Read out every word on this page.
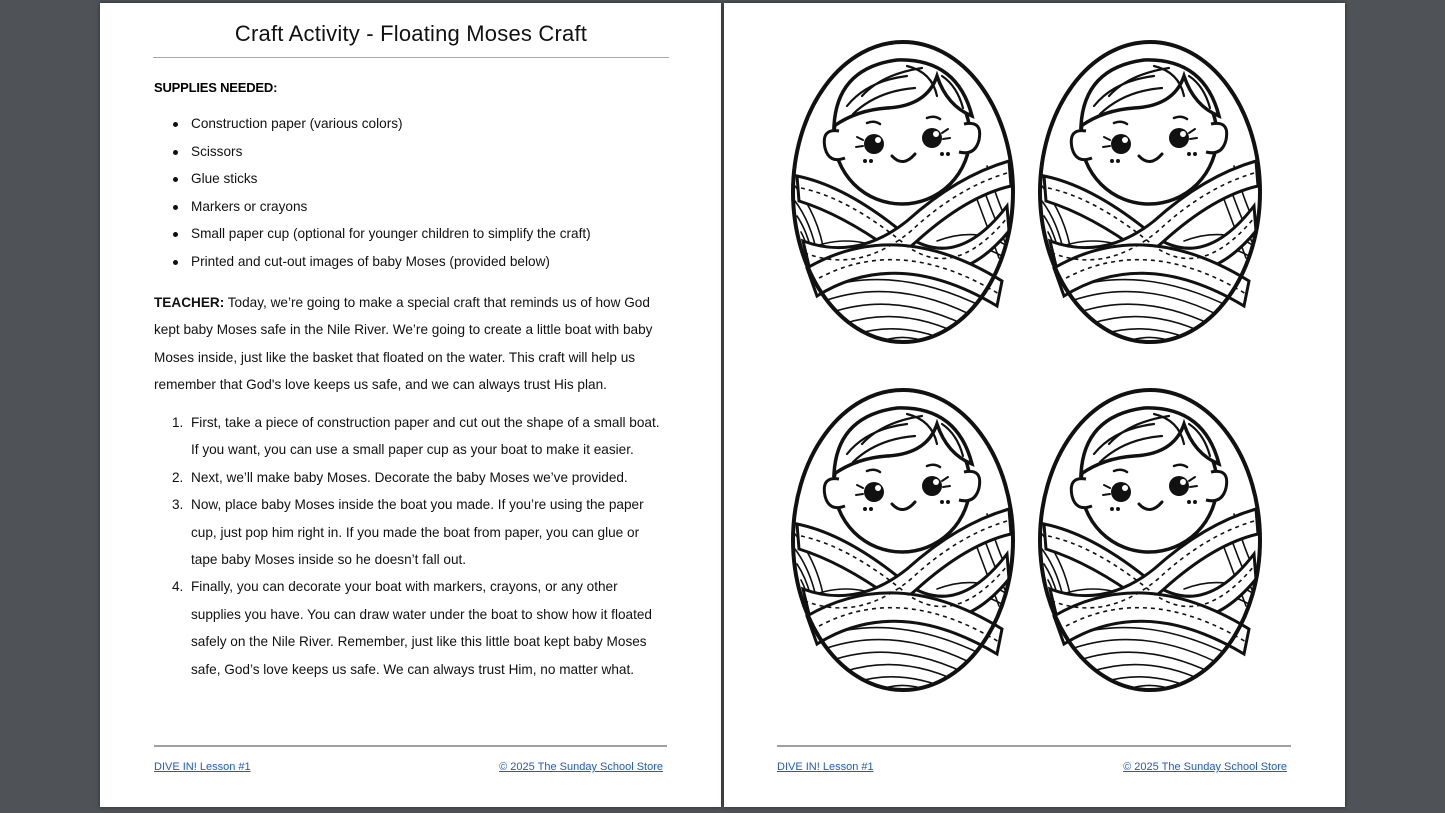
Craft Activity - Floating Moses Craft
SUPPLIES NEEDED:
Construction paper (various colors)
Scissors
Glue sticks
Markers or crayons
Small paper cup (optional for younger children to simplify the craft)
Printed and cut-out images of baby Moses (provided below)

TEACHER: Today, we’re going to make a special craft that reminds us of how God kept baby Moses safe in the Nile River. We’re going to create a little boat with baby Moses inside, just like the basket that floated on the water. This craft will help us remember that God's love keeps us safe, and we can always trust His plan.

1. First, take a piece of construction paper and cut out the shape of a small boat. If you want, you can use a small paper cup as your boat to make it easier.
2. Next, we’ll make baby Moses. Decorate the baby Moses we’ve provided.
3. Now, place baby Moses inside the boat you made. If you’re using the paper cup, just pop him right in. If you made the boat from paper, you can glue or tape baby Moses inside so he doesn’t fall out.
4. Finally, you can decorate your boat with markers, crayons, or any other supplies you have. You can draw water under the boat to show how it floated safely on the Nile River. Remember, just like this little boat kept baby Moses safe, God’s love keeps us safe. We can always trust Him, no matter what.
DIVE IN! Lesson #1	© 2025 The Sunday School Store	DIVE IN! Lesson #1	© 2025 The Sunday School Store
